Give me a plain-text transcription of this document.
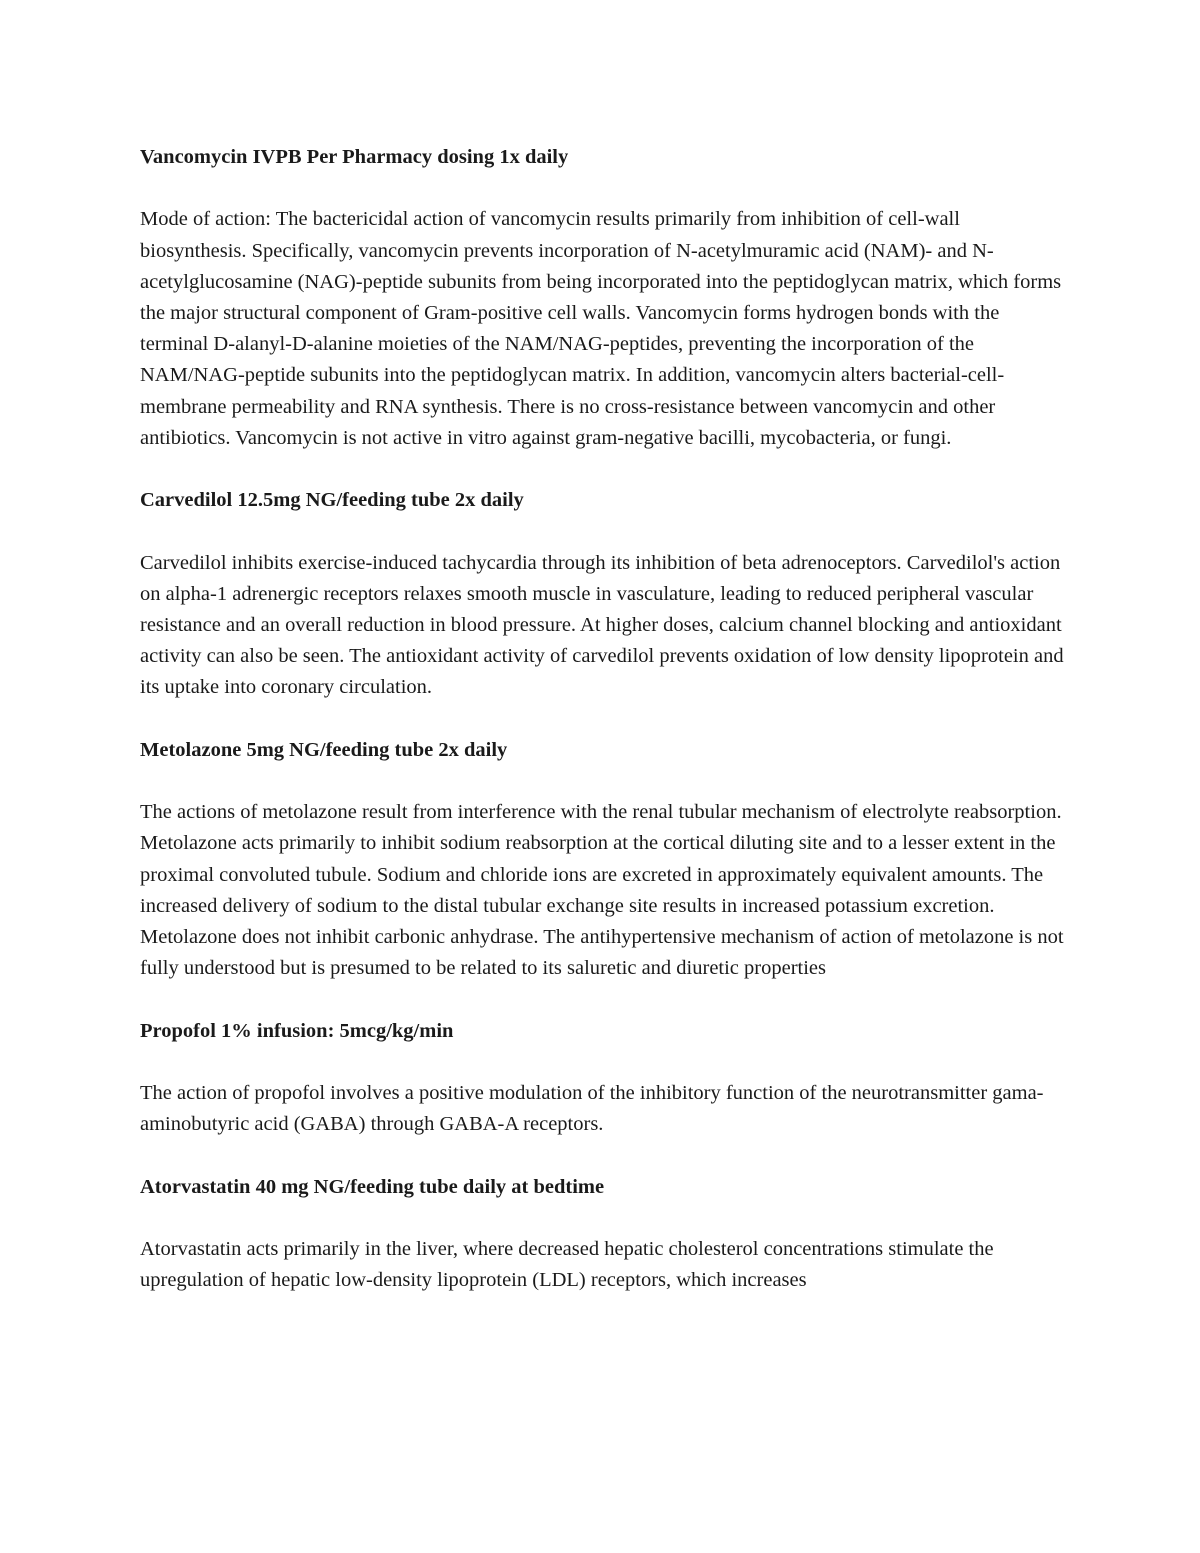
Vancomycin IVPB Per Pharmacy dosing 1x daily

Mode of action: The bactericidal action of vancomycin results primarily from inhibition of cell-wall biosynthesis. Specifically, vancomycin prevents incorporation of N-acetylmuramic acid (NAM)- and N-acetylglucosamine (NAG)-peptide subunits from being incorporated into the peptidoglycan matrix, which forms the major structural component of Gram-positive cell walls. Vancomycin forms hydrogen bonds with the terminal D-alanyl-D-alanine moieties of the NAM/NAG-peptides, preventing the incorporation of the NAM/NAG-peptide subunits into the peptidoglycan matrix. In addition, vancomycin alters bacterial-cell-membrane permeability and RNA synthesis. There is no cross-resistance between vancomycin and other antibiotics. Vancomycin is not active in vitro against gram-negative bacilli, mycobacteria, or fungi.

Carvedilol 12.5mg NG/feeding tube 2x daily

Carvedilol inhibits exercise-induced tachycardia through its inhibition of beta adrenoceptors. Carvedilol's action on alpha-1 adrenergic receptors relaxes smooth muscle in vasculature, leading to reduced peripheral vascular resistance and an overall reduction in blood pressure. At higher doses, calcium channel blocking and antioxidant activity can also be seen. The antioxidant activity of carvedilol prevents oxidation of low density lipoprotein and its uptake into coronary circulation.

Metolazone 5mg NG/feeding tube 2x daily

The actions of metolazone result from interference with the renal tubular mechanism of electrolyte reabsorption. Metolazone acts primarily to inhibit sodium reabsorption at the cortical diluting site and to a lesser extent in the proximal convoluted tubule. Sodium and chloride ions are excreted in approximately equivalent amounts. The increased delivery of sodium to the distal tubular exchange site results in increased potassium excretion. Metolazone does not inhibit carbonic anhydrase. The antihypertensive mechanism of action of metolazone is not fully understood but is presumed to be related to its saluretic and diuretic properties

Propofol 1% infusion: 5mcg/kg/min

The action of propofol involves a positive modulation of the inhibitory function of the neurotransmitter gama-aminobutyric acid (GABA) through GABA-A receptors.

Atorvastatin 40 mg NG/feeding tube daily at bedtime

Atorvastatin acts primarily in the liver, where decreased hepatic cholesterol concentrations stimulate the upregulation of hepatic low-density lipoprotein (LDL) receptors, which increases
